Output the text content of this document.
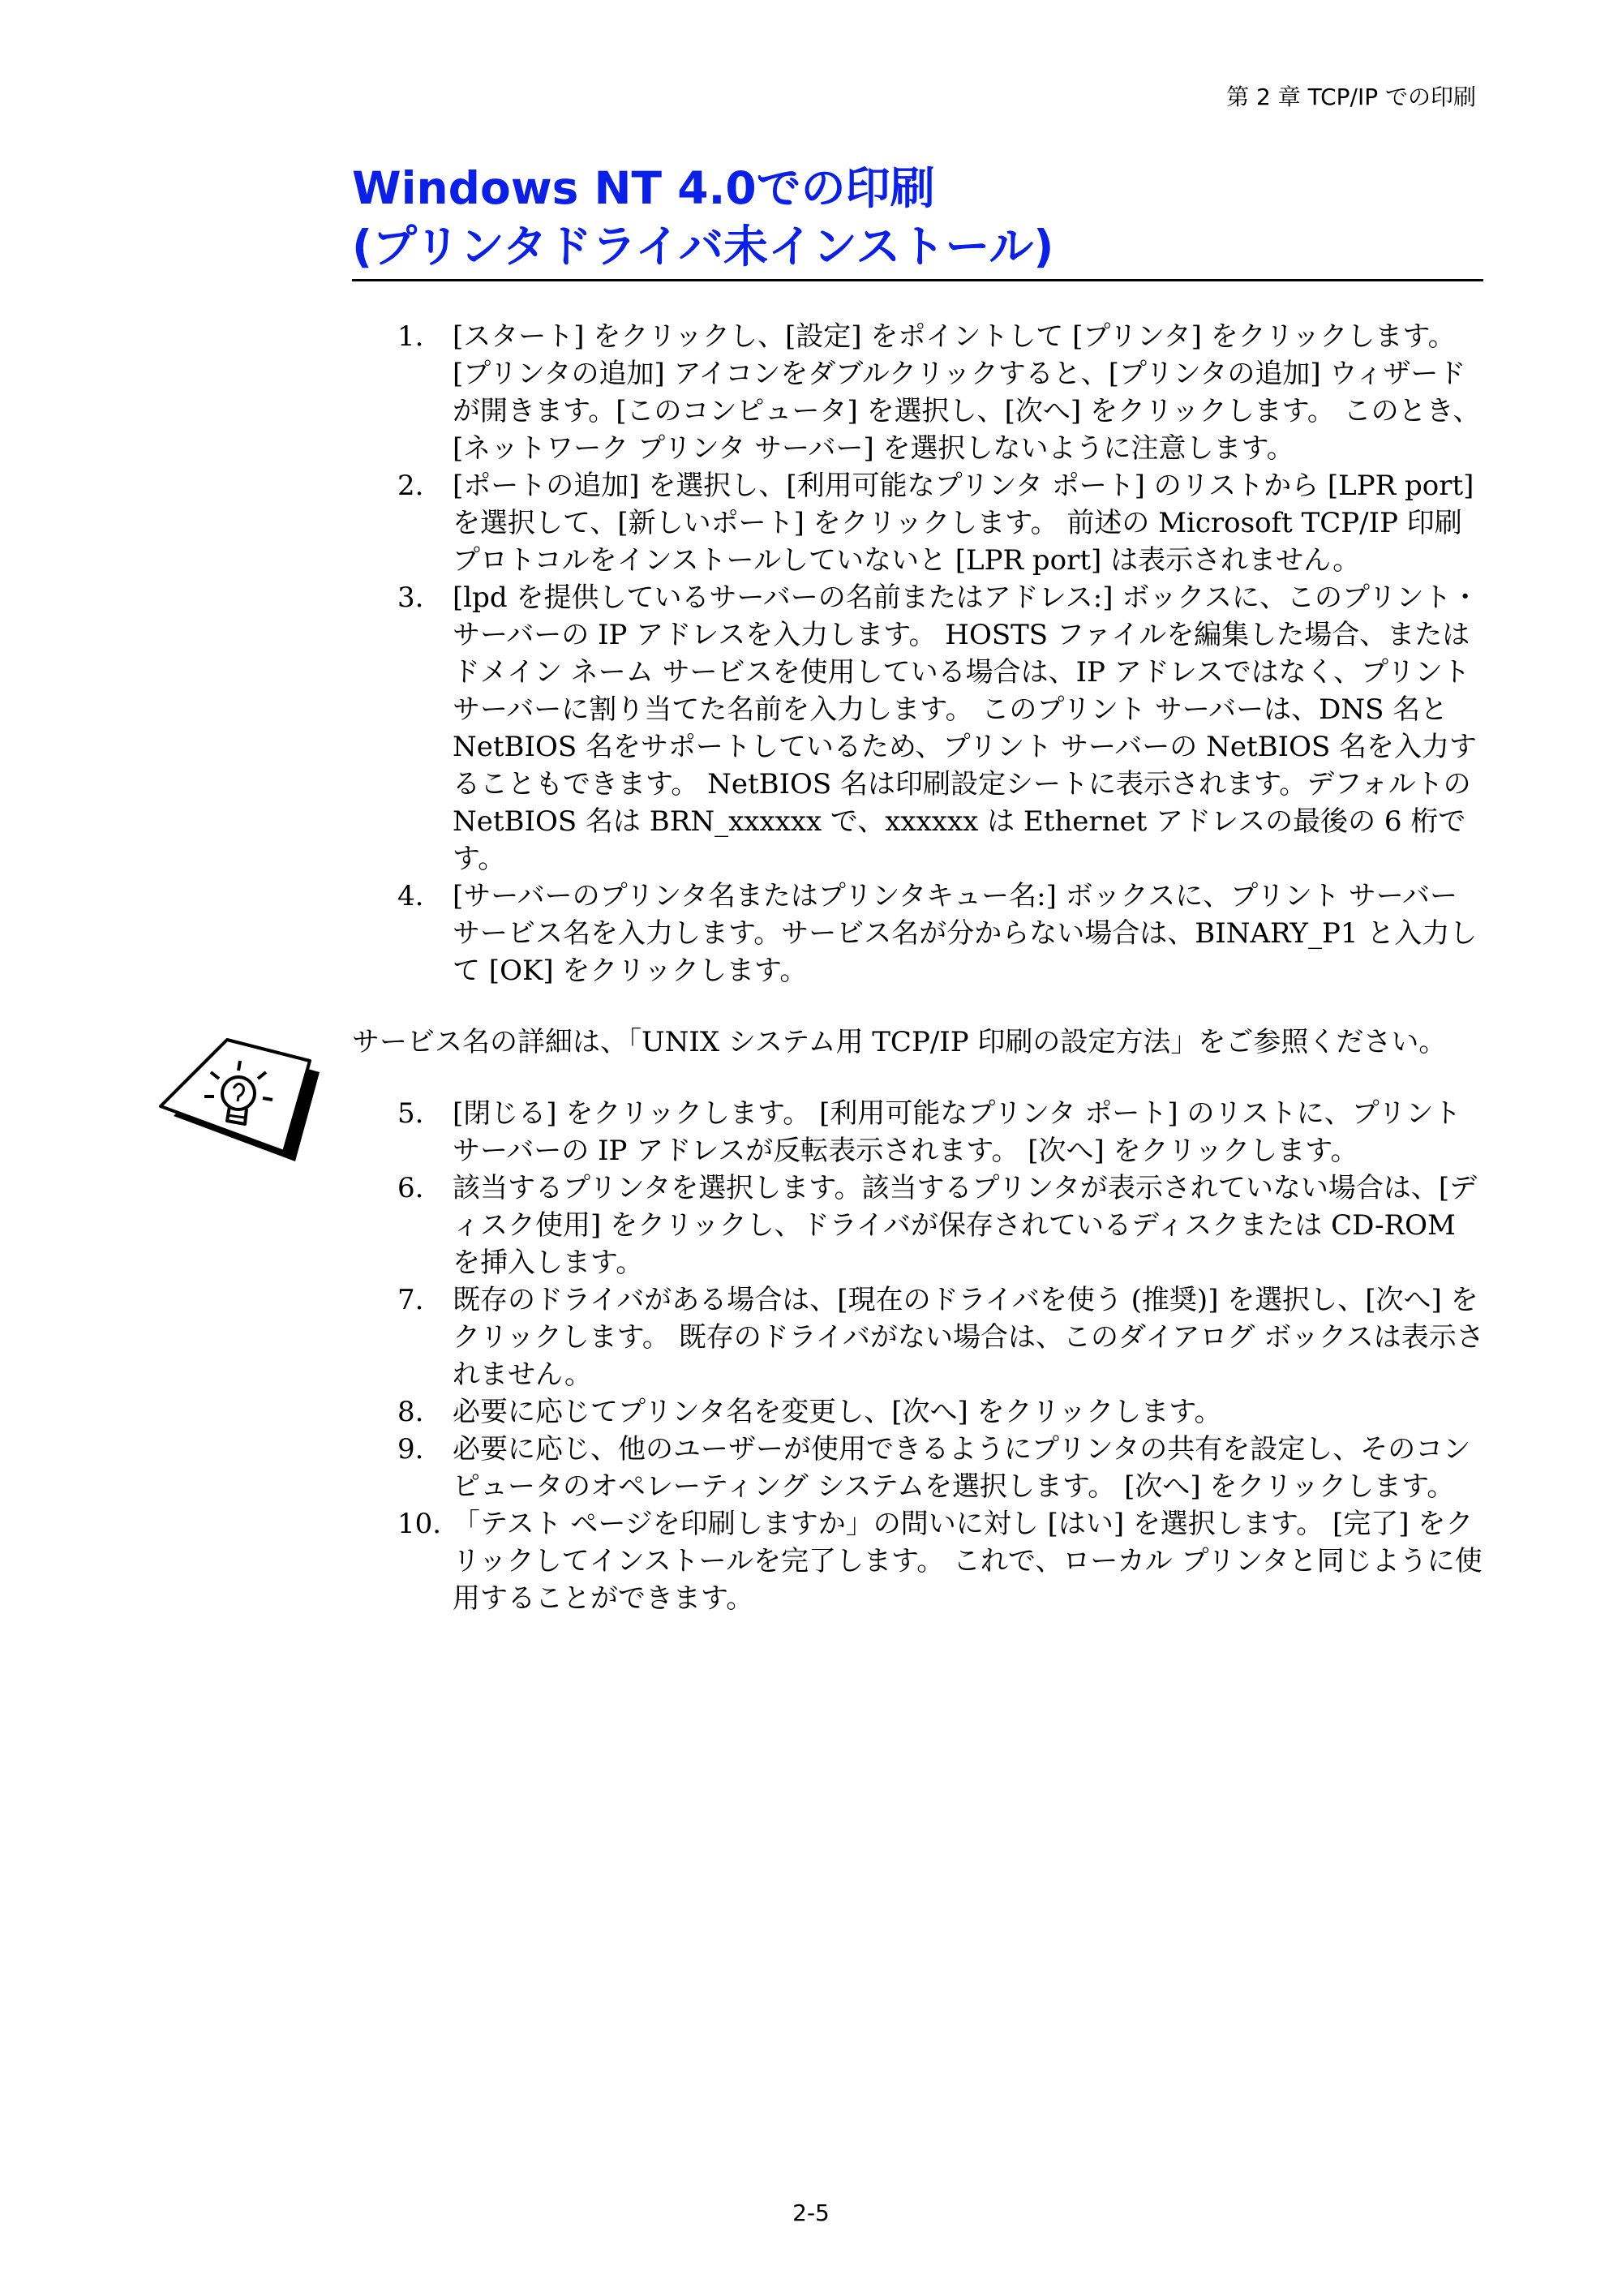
第 2 章 TCP/IP での印刷
Windows NT 4.0での印刷
(プリンタドライバ未インストール)
1. [スタート] をクリックし、[設定] をポイントして [プリンタ] をクリックします。[プリンタの追加] アイコンをダブルクリックすると、[プリンタの追加] ウィザードが開きます。[このコンピュータ] を選択し、[次へ] をクリックします。 このとき、[ネットワーク プリンタ サーバー] を選択しないように注意します。
2. [ポートの追加] を選択し、[利用可能なプリンタ ポート] のリストから [LPR port] を選択して、[新しいポート] をクリックします。 前述の Microsoft TCP/IP 印刷プロトコルをインストールしていないと [LPR port] は表示されません。
3. [lpd を提供しているサーバーの名前またはアドレス:] ボックスに、このプリント・サーバーの IP アドレスを入力します。 HOSTS ファイルを編集した場合、またはドメイン ネーム サービスを使用している場合は、IP アドレスではなく、プリント サーバーに割り当てた名前を入力します。 このプリント サーバーは、DNS 名と NetBIOS 名をサポートしているため、プリント サーバーの NetBIOS 名を入力することもできます。 NetBIOS 名は印刷設定シートに表示されます。デフォルトの NetBIOS 名は BRN_xxxxxx で、xxxxxx は Ethernet アドレスの最後の 6 桁です。
4. [サーバーのプリンタ名またはプリンタキュー名:] ボックスに、プリント サーバー サービス名を入力します。サービス名が分からない場合は、BINARY_P1 と入力して [OK] をクリックします。
サービス名の詳細は、「UNIX システム用 TCP/IP 印刷の設定方法」をご参照ください。
5. [閉じる] をクリックします。 [利用可能なプリンタ ポート] のリストに、プリント サーバーの IP アドレスが反転表示されます。 [次へ] をクリックします。
6. 該当するプリンタを選択します。該当するプリンタが表示されていない場合は、[ディスク使用] をクリックし、ドライバが保存されているディスクまたは CD-ROM を挿入します。
7. 既存のドライバがある場合は、[現在のドライバを使う (推奨)] を選択し、[次へ] をクリックします。 既存のドライバがない場合は、このダイアログ ボックスは表示されません。
8. 必要に応じてプリンタ名を変更し、[次へ] をクリックします。
9. 必要に応じ、他のユーザーが使用できるようにプリンタの共有を設定し、そのコンピュータのオペレーティング システムを選択します。 [次へ] をクリックします。
10. 「テスト ページを印刷しますか」の問いに対し [はい] を選択します。 [完了] をクリックしてインストールを完了します。 これで、ローカル プリンタと同じように使用することができます。
2-5
